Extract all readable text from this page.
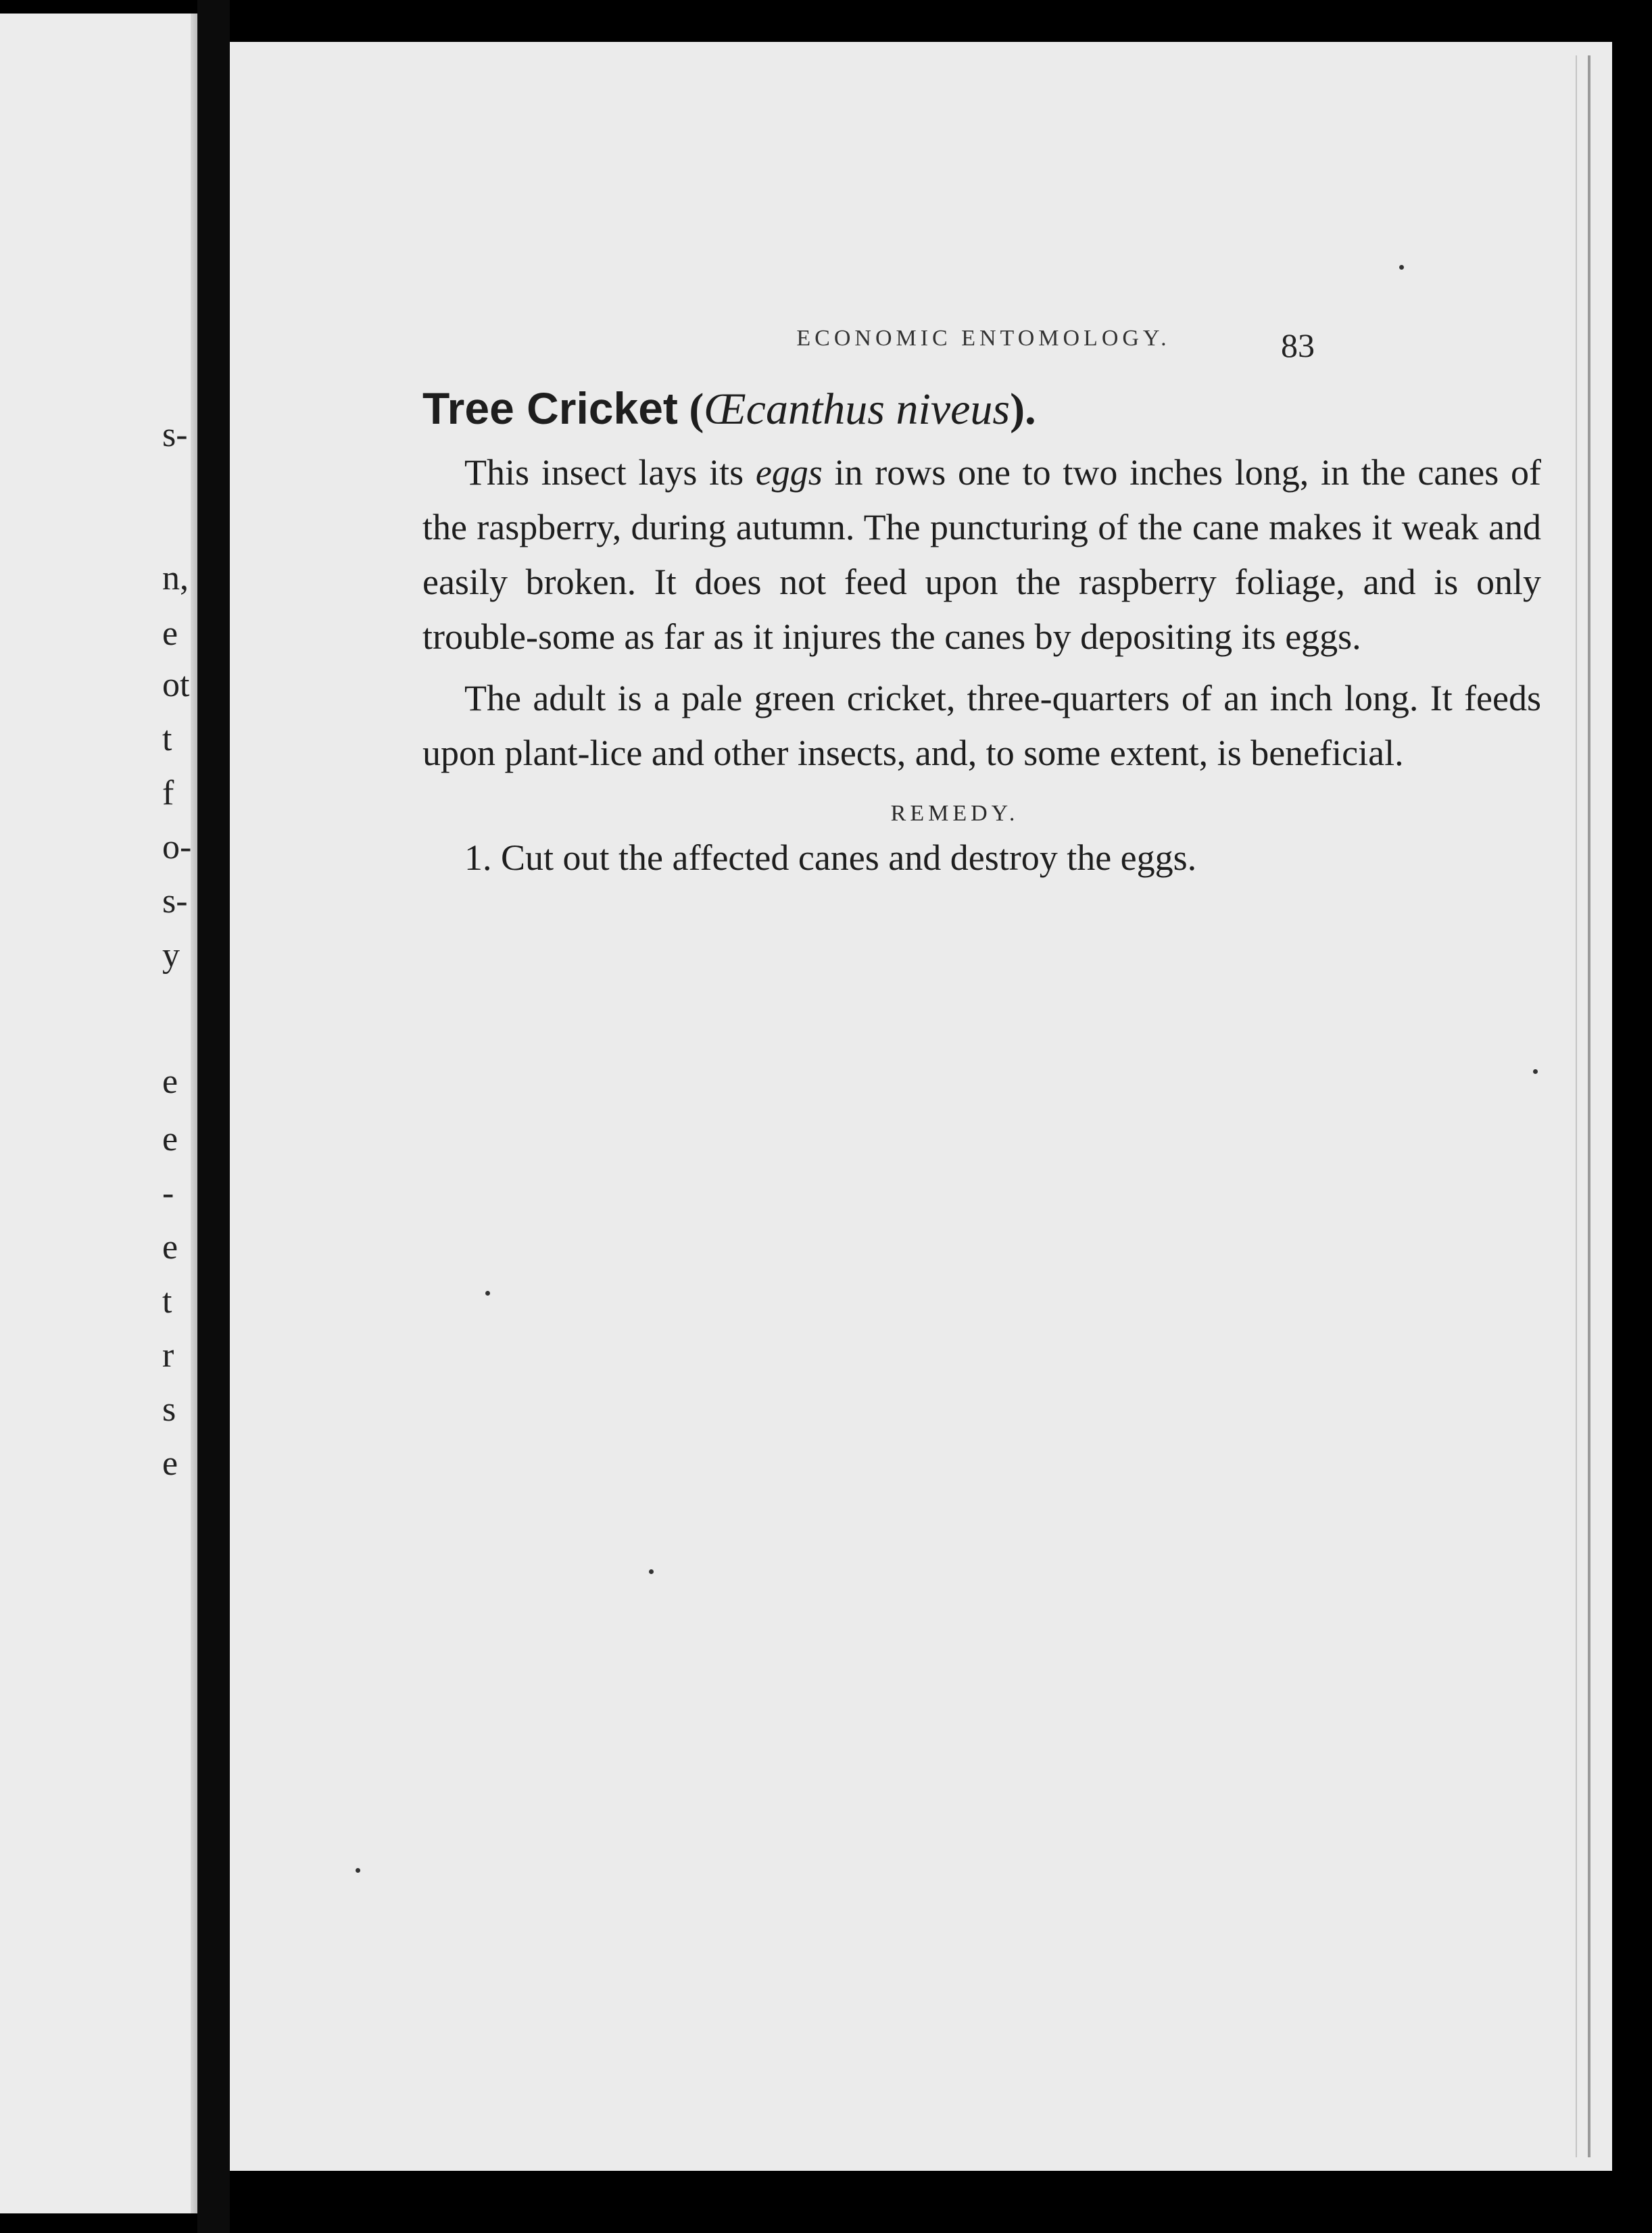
s-
n,
e
ot
t
f
o-
s-
y
e
e
-
e
t
r
s
e
ECONOMIC ENTOMOLOGY.	83
Tree Cricket (Œcanthus niveus).

This insect lays its eggs in rows one to two inches long, in the canes of the raspberry, during autumn. The puncturing of the cane makes it weak and easily broken. It does not feed upon the raspberry foliage, and is only trouble-some as far as it injures the canes by depositing its eggs.

The adult is a pale green cricket, three-quarters of an inch long. It feeds upon plant-lice and other insects, and, to some extent, is beneficial.

REMEDY.

1. Cut out the affected canes and destroy the eggs.
